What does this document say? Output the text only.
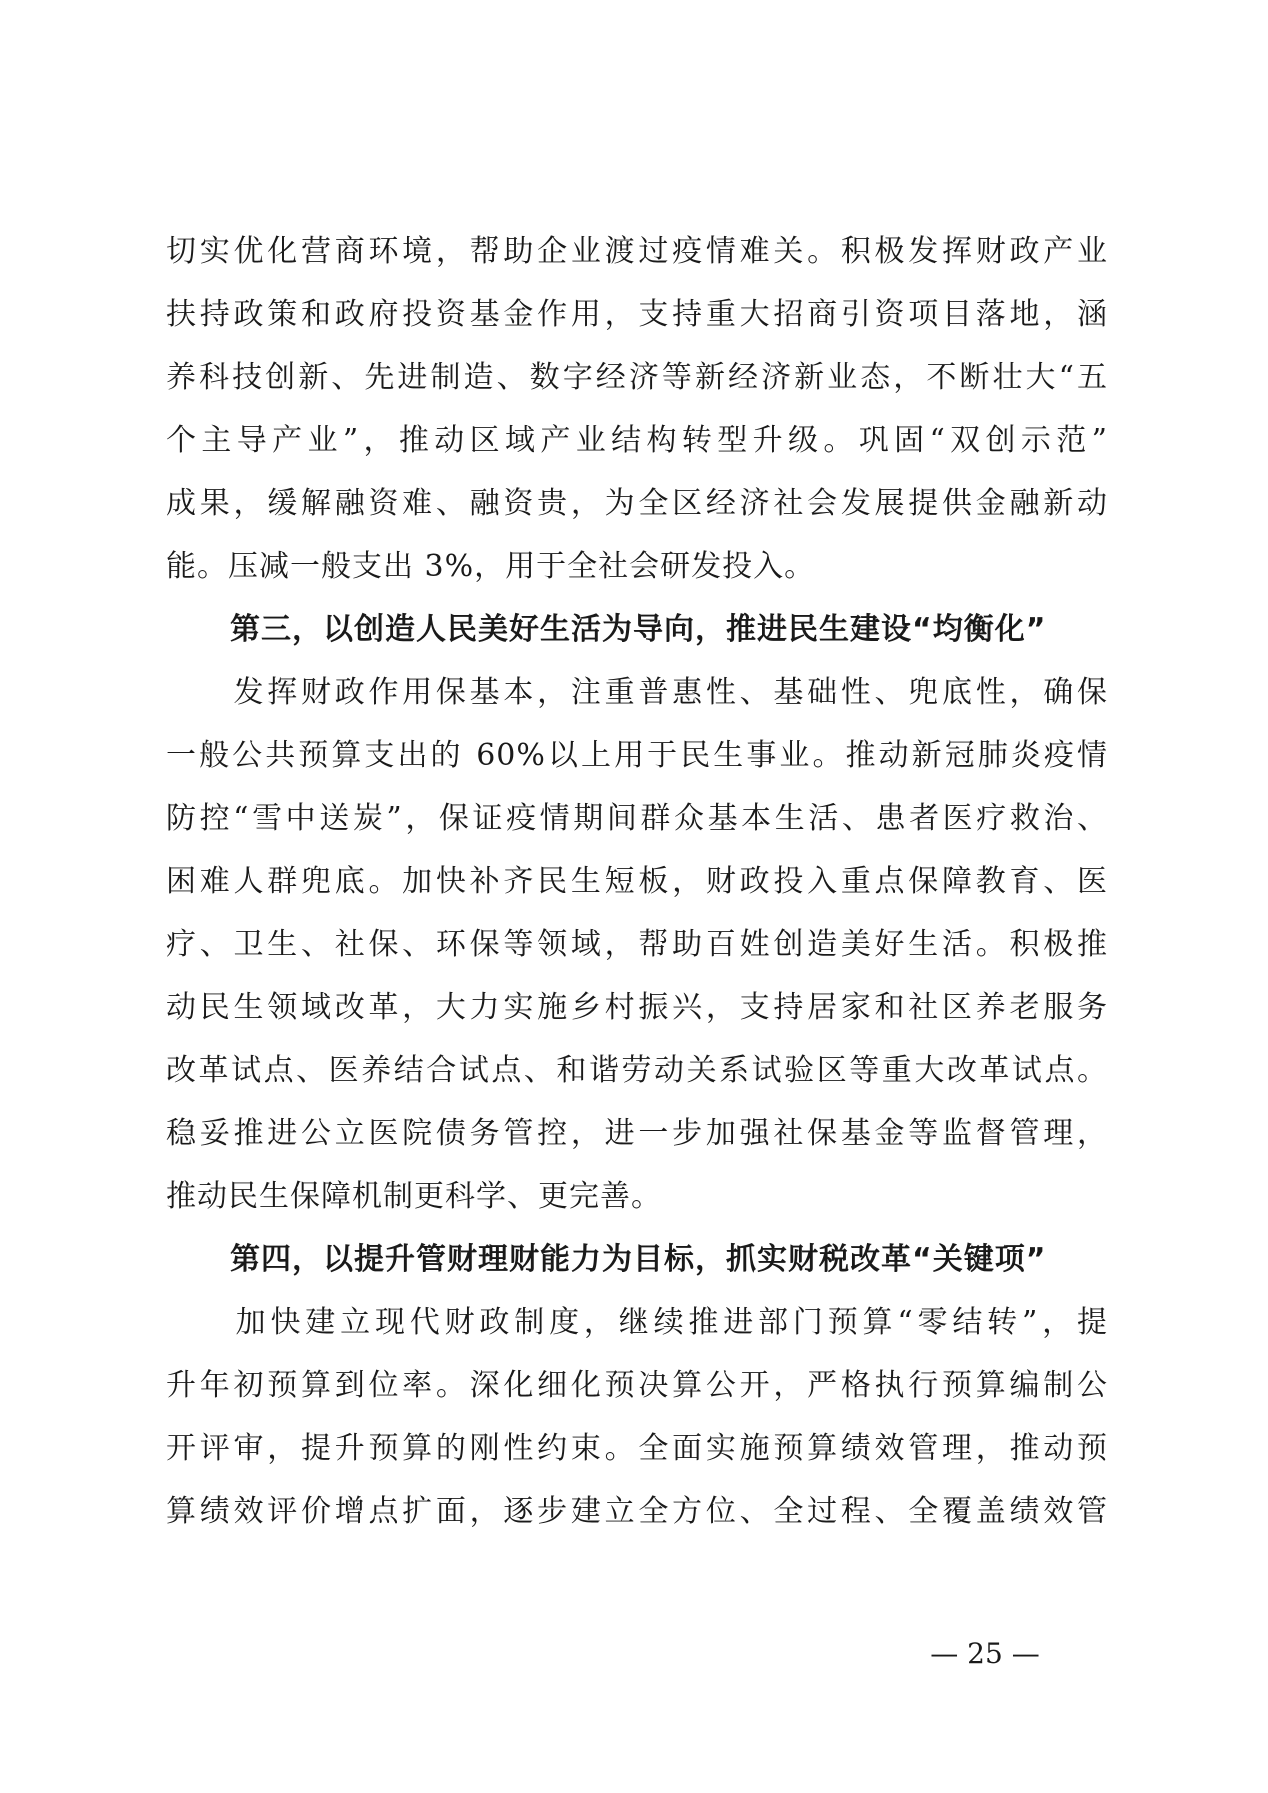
切实优化营商环境，帮助企业渡过疫情难关。积极发挥财政产业
扶持政策和政府投资基金作用，支持重大招商引资项目落地，涵
养科技创新、先进制造、数字经济等新经济新业态，不断壮大“五
个主导产业”，推动区域产业结构转型升级。巩固“双创示范”
成果，缓解融资难、融资贵，为全区经济社会发展提供金融新动
能。压减一般支出 3%，用于全社会研发投入。
第三，以创造人民美好生活为导向，推进民生建设“均衡化”
　　发挥财政作用保基本，注重普惠性、基础性、兜底性，确保
一般公共预算支出的 60%以上用于民生事业。推动新冠肺炎疫情
防控“雪中送炭”，保证疫情期间群众基本生活、患者医疗救治、
困难人群兜底。加快补齐民生短板，财政投入重点保障教育、医
疗、卫生、社保、环保等领域，帮助百姓创造美好生活。积极推
动民生领域改革，大力实施乡村振兴，支持居家和社区养老服务
改革试点、医养结合试点、和谐劳动关系试验区等重大改革试点。
稳妥推进公立医院债务管控，进一步加强社保基金等监督管理，
推动民生保障机制更科学、更完善。
第四，以提升管财理财能力为目标，抓实财税改革“关键项”
　　加快建立现代财政制度，继续推进部门预算“零结转”，提
升年初预算到位率。深化细化预决算公开，严格执行预算编制公
开评审，提升预算的刚性约束。全面实施预算绩效管理，推动预
算绩效评价增点扩面，逐步建立全方位、全过程、全覆盖绩效管
— 25 —
